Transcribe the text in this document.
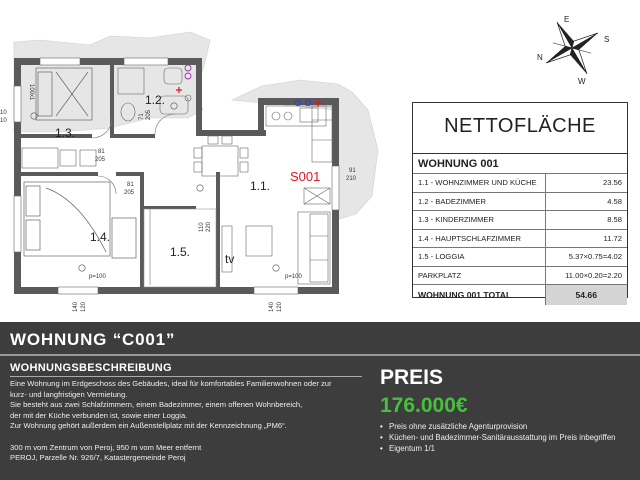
1.1.
1.2.
1.3.
1.4.
1.5.
S001
tv
10
10
100x1
71205
81
205
81
205
110220
91
210
p=100	p=100
140 120	140 120
N
E
S
W
NETTOFLÄCHE
WOHNUNG 001	
1.1 - WOHNZIMMER UND KÜCHE	23.56
1.2 - BADEZIMMER	4.58
1.3 - KINDERZIMMER	8.58
1.4 - HAUPTSCHLAFZIMMER	11.72
1.5 - LOGGIA	5.37×0.75=4.02
PARKPLATZ	11.00×0.20=2.20
WOHNUNG 001 TOTAL	54.66
WOHNUNG “C001”
WOHNUNGSBESCHREIBUNG
Eine Wohnung im Erdgeschoss des Gebäudes, ideal für komfortables Familienwohnen oder zur
kurz- und langfristigen Vermietung.
Sie besteht aus zwei Schlafzimmern, einem Badezimmer, einem offenen Wohnbereich,
der mit der Küche verbunden ist, sowie einer Loggia.
Zur Wohnung gehört außerdem ein Außenstellplatz mit der Kennzeichnung „PM6“.
300 m vom Zentrum von Peroj, 950 m vom Meer entfernt
PEROJ, Parzelle Nr. 926/7, Katastergemeinde Peroj
PREIS
176.000€
• Preis ohne zusätzliche Agenturprovision
• Küchen- und Badezimmer-Sanitärausstattung im Preis inbegriffen
• Eigentum 1/1
